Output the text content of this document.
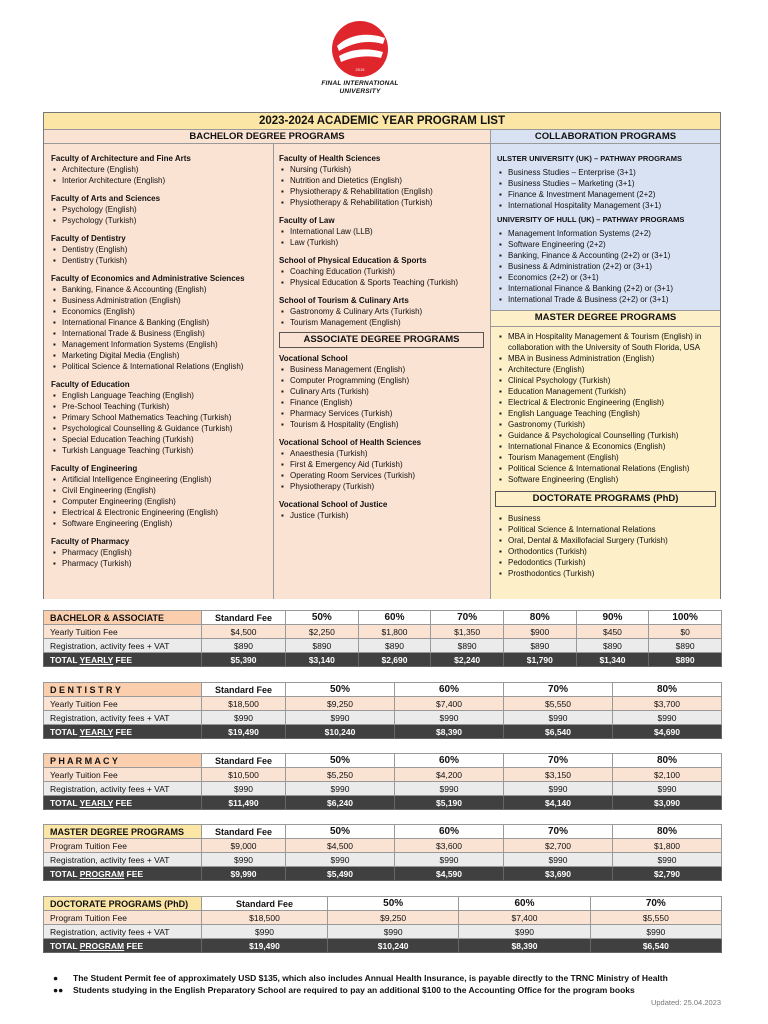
2015
FINAL INTERNATIONAL
UNIVERSITY
2023-2024 ACADEMIC YEAR PROGRAM LIST
BACHELOR DEGREE PROGRAMS	COLLABORATION PROGRAMS
Faculty of Architecture and Fine Arts
▪ Architecture (English)
▪ Interior Architecture (English)
Faculty of Arts and Sciences
▪ Psychology (English)
▪ Psychology (Turkish)
Faculty of Dentistry
▪ Dentistry (English)
▪ Dentistry (Turkish)
Faculty of Economics and Administrative Sciences
▪ Banking, Finance & Accounting (English)
▪ Business Administration (English)
▪ Economics (English)
▪ International Finance & Banking (English)
▪ International Trade & Business (English)
▪ Management Information Systems (English)
▪ Marketing Digital Media (English)
▪ Political Science & International Relations (English)
Faculty of Education
▪ English Language Teaching (English)
▪ Pre-School Teaching (Turkish)
▪ Primary School Mathematics Teaching (Turkish)
▪ Psychological Counselling & Guidance (Turkish)
▪ Special Education Teaching (Turkish)
▪ Turkish Language Teaching (Turkish)
Faculty of Engineering
▪ Artificial Intelligence Engineering (English)
▪ Civil Engineering (English)
▪ Computer Engineering (English)
▪ Electrical & Electronic Engineering (English)
▪ Software Engineering (English)
Faculty of Pharmacy
▪ Pharmacy (English)
▪ Pharmacy (Turkish)
Faculty of Health Sciences
▪ Nursing (Turkish)
▪ Nutrition and Dietetics (English)
▪ Physiotherapy & Rehabilitation (English)
▪ Physiotherapy & Rehabilitation (Turkish)
Faculty of Law
▪ International Law (LLB)
▪ Law (Turkish)
School of Physical Education & Sports
▪ Coaching Education (Turkish)
▪ Physical Education & Sports Teaching (Turkish)
School of Tourism & Culinary Arts
▪ Gastronomy & Culinary Arts (Turkish)
▪ Tourism Management (English)
ASSOCIATE DEGREE PROGRAMS
Vocational School
▪ Business Management (English)
▪ Computer Programming (English)
▪ Culinary Arts (Turkish)
▪ Finance (English)
▪ Pharmacy Services (Turkish)
▪ Tourism & Hospitality (English)
Vocational School of Health Sciences
▪ Anaesthesia (Turkish)
▪ First & Emergency Aid (Turkish)
▪ Operating Room Services (Turkish)
▪ Physiotherapy (Turkish)
Vocational School of Justice
▪ Justice (Turkish)
ULSTER UNIVERSITY (UK) – PATHWAY PROGRAMS
▪ Business Studies – Enterprise (3+1)
▪ Business Studies – Marketing (3+1)
▪ Finance & Investment Management (2+2)
▪ International Hospitality Management (3+1)
UNIVERSITY OF HULL (UK) – PATHWAY PROGRAMS
▪ Management Information Systems (2+2)
▪ Software Engineering (2+2)
▪ Banking, Finance & Accounting (2+2) or (3+1)
▪ Business & Administration (2+2) or (3+1)
▪ Economics (2+2) or (3+1)
▪ International Finance & Banking (2+2) or (3+1)
▪ International Trade & Business (2+2) or (3+1)
MASTER DEGREE PROGRAMS
▪ MBA in Hospitality Management & Tourism (English) in collaboration with the University of South Florida, USA
▪ MBA in Business Administration (English)
▪ Architecture (English)
▪ Clinical Psychology (Turkish)
▪ Education Management (Turkish)
▪ Electrical & Electronic Engineering (English)
▪ English Language Teaching (English)
▪ Gastronomy (Turkish)
▪ Guidance & Psychological Counselling (Turkish)
▪ International Finance & Economics (English)
▪ Tourism Management (English)
▪ Political Science & International Relations (English)
▪ Software Engineering (English)
DOCTORATE PROGRAMS (PhD)
▪ Business
▪ Political Science & International Relations
▪ Oral, Dental & Maxillofacial Surgery (Turkish)
▪ Orthodontics (Turkish)
▪ Pedodontics (Turkish)
▪ Prosthodontics (Turkish)
BACHELOR & ASSOCIATE	Standard Fee	50%	60%	70%	80%	90%	100%
Yearly Tuition Fee	$4,500	$2,250	$1,800	$1,350	$900	$450	$0
Registration, activity fees + VAT	$890	$890	$890	$890	$890	$890	$890
TOTAL YEARLY FEE	$5,390	$3,140	$2,690	$2,240	$1,790	$1,340	$890
D E N T I S T R Y	Standard Fee	50%	60%	70%	80%
Yearly Tuition Fee	$18,500	$9,250	$7,400	$5,550	$3,700
Registration, activity fees + VAT	$990	$990	$990	$990	$990
TOTAL YEARLY FEE	$19,490	$10,240	$8,390	$6,540	$4,690
P H A R M A C Y	Standard Fee	50%	60%	70%	80%
Yearly Tuition Fee	$10,500	$5,250	$4,200	$3,150	$2,100
Registration, activity fees + VAT	$990	$990	$990	$990	$990
TOTAL YEARLY FEE	$11,490	$6,240	$5,190	$4,140	$3,090
MASTER DEGREE PROGRAMS	Standard Fee	50%	60%	70%	80%
Program Tuition Fee	$9,000	$4,500	$3,600	$2,700	$1,800
Registration, activity fees + VAT	$990	$990	$990	$990	$990
TOTAL PROGRAM FEE	$9,990	$5,490	$4,590	$3,690	$2,790
DOCTORATE PROGRAMS (PhD)	Standard Fee	50%	60%	70%
Program Tuition Fee	$18,500	$9,250	$7,400	$5,550
Registration, activity fees + VAT	$990	$990	$990	$990
TOTAL PROGRAM FEE	$19,490	$10,240	$8,390	$6,540
● The Student Permit fee of approximately USD $135, which also includes Annual Health Insurance, is payable directly to the TRNC Ministry of Health
●● Students studying in the English Preparatory School are required to pay an additional $100 to the Accounting Office for the program books
Updated: 25.04.2023
